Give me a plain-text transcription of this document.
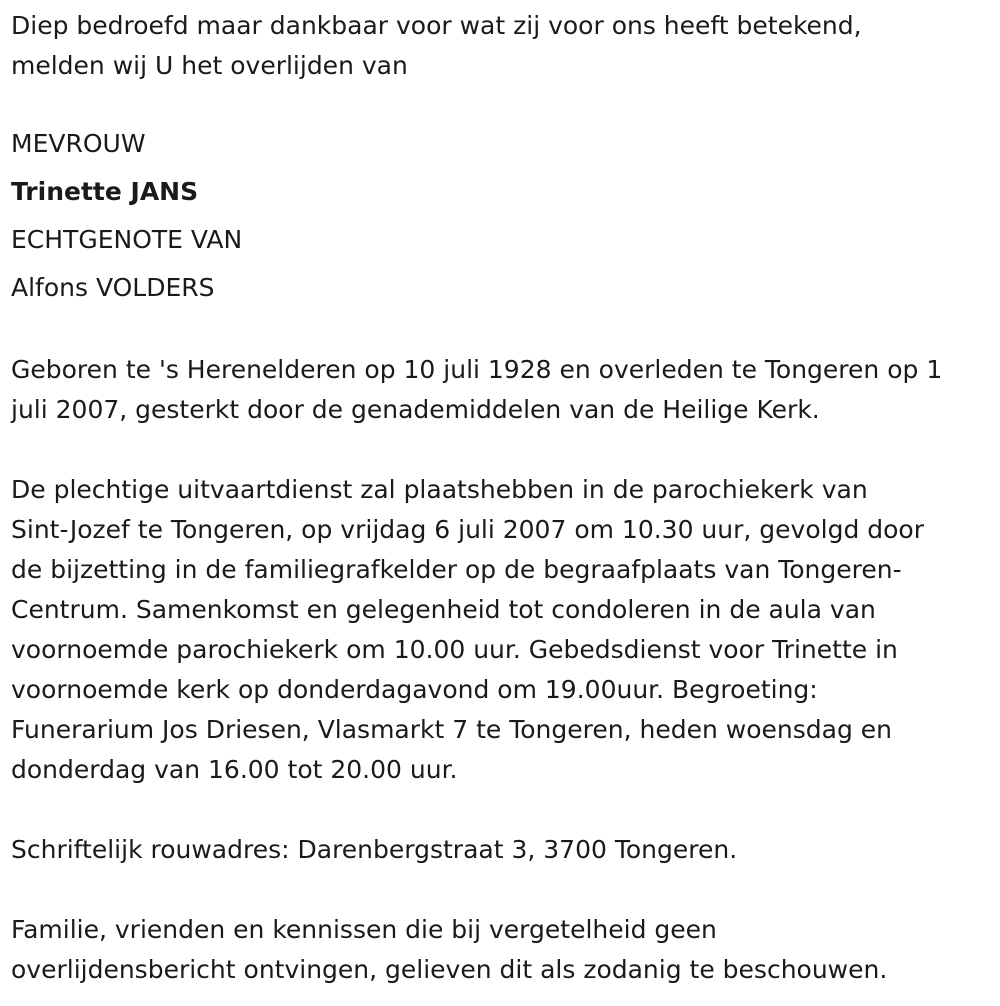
Diep bedroefd maar dankbaar voor wat zij voor ons heeft betekend,

melden wij U het overlijden van

MEVROUW

Trinette JANS

ECHTGENOTE VAN

Alfons VOLDERS

Geboren te 's Herenelderen op 10 juli 1928 en overleden te Tongeren op 1

juli 2007, gesterkt door de genademiddelen van de Heilige Kerk.

De plechtige uitvaartdienst zal plaatshebben in de parochiekerk van

Sint-Jozef te Tongeren, op vrijdag 6 juli 2007 om 10.30 uur, gevolgd door

de bijzetting in de familiegrafkelder op de begraafplaats van Tongeren-

Centrum. Samenkomst en gelegenheid tot condoleren in de aula van

voornoemde parochiekerk om 10.00 uur. Gebedsdienst voor Trinette in

voornoemde kerk op donderdagavond om 19.00uur. Begroeting:

Funerarium Jos Driesen, Vlasmarkt 7 te Tongeren, heden woensdag en

donderdag van 16.00 tot 20.00 uur.

Schriftelijk rouwadres: Darenbergstraat 3, 3700 Tongeren.

Familie, vrienden en kennissen die bij vergetelheid geen

overlijdensbericht ontvingen, gelieven dit als zodanig te beschouwen.
